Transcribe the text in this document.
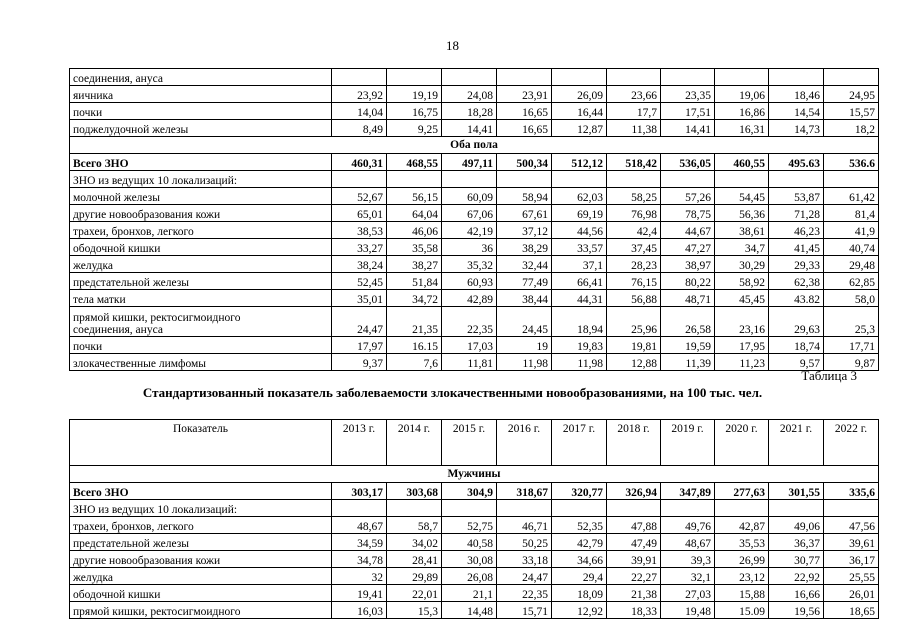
18
соединения, ануса										
яичника	23,92	19,19	24,08	23,91	26,09	23,66	23,35	19,06	18,46	24,95
почки	14,04	16,75	18,28	16,65	16,44	17,7	17,51	16,86	14,54	15,57
поджелудочной железы	8,49	9,25	14,41	16,65	12,87	11,38	14,41	16,31	14,73	18,2
Оба пола										
Всего ЗНО	460,31	468,55	497,11	500,34	512,12	518,42	536,05	460,55	495.63	536.6
ЗНО из ведущих 10 локализаций:										
молочной железы	52,67	56,15	60,09	58,94	62,03	58,25	57,26	54,45	53,87	61,42
другие новообразования кожи	65,01	64,04	67,06	67,61	69,19	76,98	78,75	56,36	71,28	81,4
трахеи, бронхов, легкого	38,53	46,06	42,19	37,12	44,56	42,4	44,67	38,61	46,23	41,9
ободочной кишки	33,27	35,58	36	38,29	33,57	37,45	47,27	34,7	41,45	40,74
желудка	38,24	38,27	35,32	32,44	37,1	28,23	38,97	30,29	29,33	29,48
предстательной железы	52,45	51,84	60,93	77,49	66,41	76,15	80,22	58,92	62,38	62,85
тела матки	35,01	34,72	42,89	38,44	44,31	56,88	48,71	45,45	43.82	58,0

прямой кишки, ректосигмоидного
соединения, ануса	24,47	21,35	22,35	24,45	18,94	25,96	26,58	23,16	29,63	25,3
почки	17,97	16.15	17,03	19	19,83	19,81	19,59	17,95	18,74	17,71
злокачественные лимфомы	9,37	7,6	11,81	11,98	11,98	12,88	11,39	11,23	9,57	9,87
Таблица 3
Стандартизованный показатель заболеваемости злокачественными новообразованиями, на 100 тыс. чел.
Показатель	2013 г.	2014 г.	2015 г.	2016 г.	2017 г.	2018 г.	2019 г.	2020 г.	2021 г.	2022 г.
Мужчины										
Всего ЗНО	303,17	303,68	304,9	318,67	320,77	326,94	347,89	277,63	301,55	335,6
ЗНО из ведущих 10 локализаций:										
трахеи, бронхов, легкого	48,67	58,7	52,75	46,71	52,35	47,88	49,76	42,87	49,06	47,56
предстательной железы	34,59	34,02	40,58	50,25	42,79	47,49	48,67	35,53	36,37	39,61
другие новообразования кожи	34,78	28,41	30,08	33,18	34,66	39,91	39,3	26,99	30,77	36,17
желудка	32	29,89	26,08	24,47	29,4	22,27	32,1	23,12	22,92	25,55
ободочной кишки	19,41	22,01	21,1	22,35	18,09	21,38	27,03	15,88	16,66	26,01
прямой кишки, ректосигмоидного	16,03	15,3	14,48	15,71	12,92	18,33	19,48	15.09	19,56	18,65
